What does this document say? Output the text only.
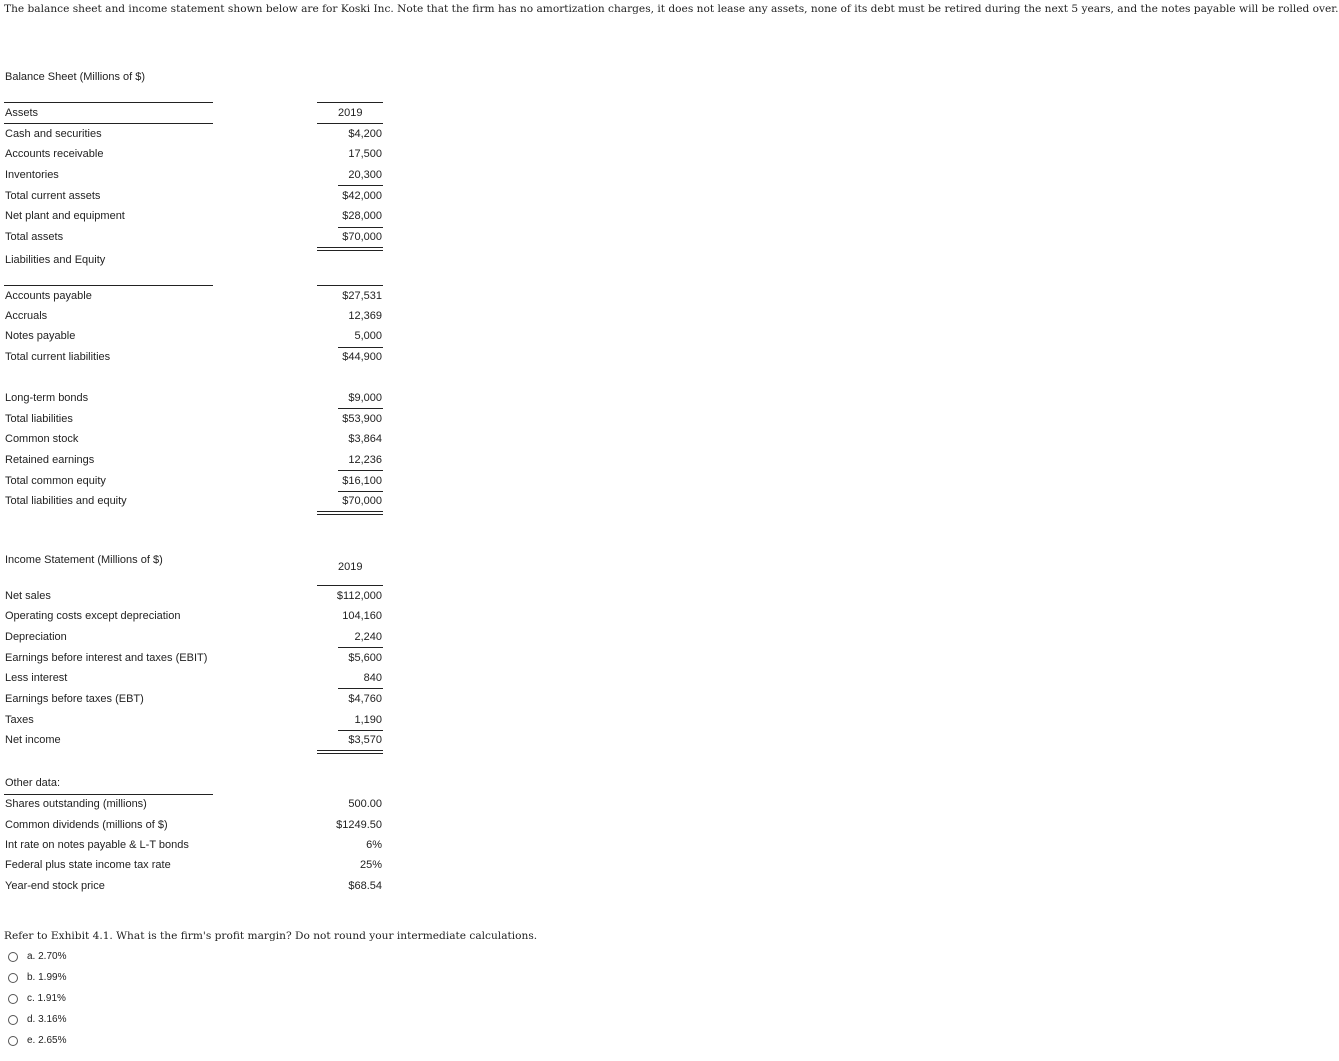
The balance sheet and income statement shown below are for Koski Inc. Note that the firm has no amortization charges, it does not lease any assets, none of its debt must be retired during the next 5 years, and the notes payable will be rolled over.
Balance Sheet (Millions of $)
Assets	2019
Cash and securities	$4,200
Accounts receivable	17,500
Inventories	20,300
Total current assets	$42,000
Net plant and equipment	$28,000
Total assets	$70,000
Liabilities and Equity
Accounts payable	$27,531
Accruals	12,369
Notes payable	5,000
Total current liabilities	$44,900
Long-term bonds	$9,000
Total liabilities	$53,900
Common stock	$3,864
Retained earnings	12,236
Total common equity	$16,100
Total liabilities and equity	$70,000
Income Statement (Millions of $)
2019
Net sales	$112,000
Operating costs except depreciation	104,160
Depreciation	2,240
Earnings before interest and taxes (EBIT)	$5,600
Less interest	840
Earnings before taxes (EBT)	$4,760
Taxes	1,190
Net income	$3,570
Other data:
Shares outstanding (millions)	500.00
Common dividends (millions of $)	$1249.50
Int rate on notes payable & L-T bonds	6%
Federal plus state income tax rate	25%
Year-end stock price	$68.54
Refer to Exhibit 4.1. What is the firm's profit margin? Do not round your intermediate calculations.
a. 2.70%
b. 1.99%
c. 1.91%
d. 3.16%
e. 2.65%
